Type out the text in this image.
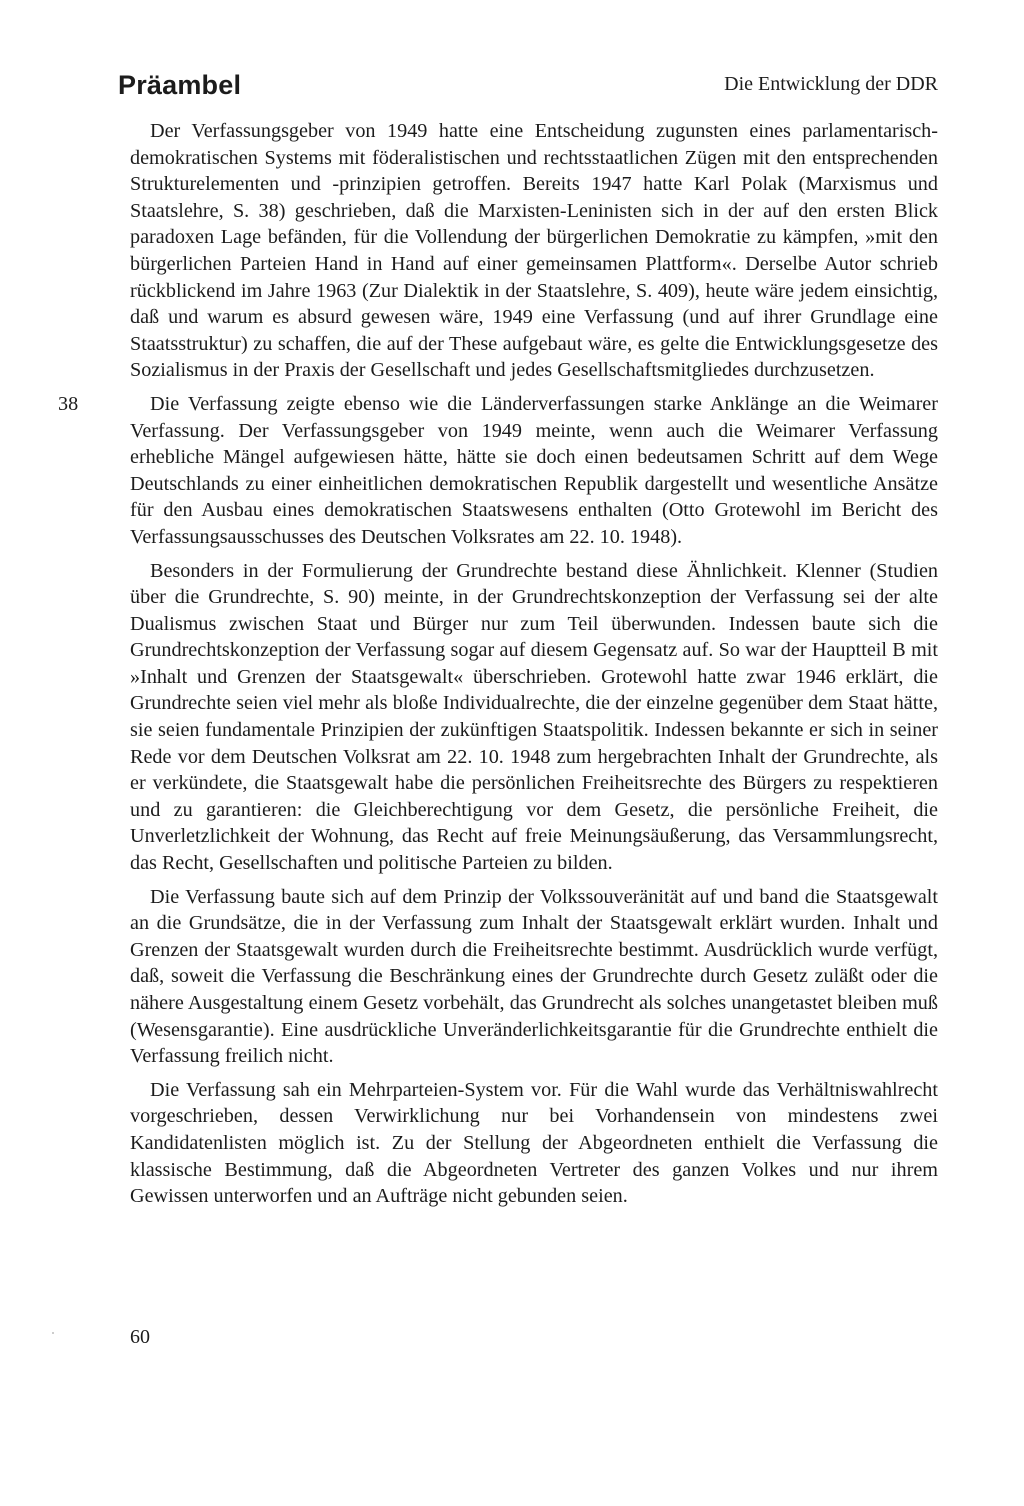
Präambel	Die Entwicklung der DDR

Der Verfassungsgeber von 1949 hatte eine Entscheidung zugunsten eines parlamentarisch-demokratischen Systems mit föderalistischen und rechtsstaatlichen Zügen mit den entsprechenden Strukturelementen und -prinzipien getroffen. Bereits 1947 hatte Karl Polak (Marxismus und Staatslehre, S. 38) geschrieben, daß die Marxisten-Leninisten sich in der auf den ersten Blick paradoxen Lage befänden, für die Vollendung der bürgerlichen Demokratie zu kämpfen, »mit den bürgerlichen Parteien Hand in Hand auf einer gemeinsamen Plattform«. Derselbe Autor schrieb rückblickend im Jahre 1963 (Zur Dialektik in der Staatslehre, S. 409), heute wäre jedem einsichtig, daß und warum es absurd gewesen wäre, 1949 eine Verfassung (und auf ihrer Grundlage eine Staatsstruktur) zu schaffen, die auf der These aufgebaut wäre, es gelte die Entwicklungsgesetze des Sozialismus in der Praxis der Gesellschaft und jedes Gesellschaftsmitgliedes durchzusetzen.

38	Die Verfassung zeigte ebenso wie die Länderverfassungen starke Anklänge an die Weimarer Verfassung. Der Verfassungsgeber von 1949 meinte, wenn auch die Weimarer Verfassung erhebliche Mängel aufgewiesen hätte, hätte sie doch einen bedeutsamen Schritt auf dem Wege Deutschlands zu einer einheitlichen demokratischen Republik dargestellt und wesentliche Ansätze für den Ausbau eines demokratischen Staatswesens enthalten (Otto Grotewohl im Bericht des Verfassungsausschusses des Deutschen Volksrates am 22. 10. 1948).

Besonders in der Formulierung der Grundrechte bestand diese Ähnlichkeit. Klenner (Studien über die Grundrechte, S. 90) meinte, in der Grundrechtskonzeption der Verfassung sei der alte Dualismus zwischen Staat und Bürger nur zum Teil überwunden. Indessen baute sich die Grundrechtskonzeption der Verfassung sogar auf diesem Gegensatz auf. So war der Hauptteil B mit »Inhalt und Grenzen der Staatsgewalt« überschrieben. Grotewohl hatte zwar 1946 erklärt, die Grundrechte seien viel mehr als bloße Individualrechte, die der einzelne gegenüber dem Staat hätte, sie seien fundamentale Prinzipien der zukünftigen Staatspolitik. Indessen bekannte er sich in seiner Rede vor dem Deutschen Volksrat am 22. 10. 1948 zum hergebrachten Inhalt der Grundrechte, als er verkündete, die Staatsgewalt habe die persönlichen Freiheitsrechte des Bürgers zu respektieren und zu garantieren: die Gleichberechtigung vor dem Gesetz, die persönliche Freiheit, die Unverletzlichkeit der Wohnung, das Recht auf freie Meinungsäußerung, das Versammlungsrecht, das Recht, Gesellschaften und politische Parteien zu bilden.

Die Verfassung baute sich auf dem Prinzip der Volkssouveränität auf und band die Staatsgewalt an die Grundsätze, die in der Verfassung zum Inhalt der Staatsgewalt erklärt wurden. Inhalt und Grenzen der Staatsgewalt wurden durch die Freiheitsrechte bestimmt. Ausdrücklich wurde verfügt, daß, soweit die Verfassung die Beschränkung eines der Grundrechte durch Gesetz zuläßt oder die nähere Ausgestaltung einem Gesetz vorbehält, das Grundrecht als solches unangetastet bleiben muß (Wesensgarantie). Eine ausdrückliche Unveränderlichkeitsgarantie für die Grundrechte enthielt die Verfassung freilich nicht.

Die Verfassung sah ein Mehrparteien-System vor. Für die Wahl wurde das Verhältniswahlrecht vorgeschrieben, dessen Verwirklichung nur bei Vorhandensein von mindestens zwei Kandidatenlisten möglich ist. Zu der Stellung der Abgeordneten enthielt die Verfassung die klassische Bestimmung, daß die Abgeordneten Vertreter des ganzen Volkes und nur ihrem Gewissen unterworfen und an Aufträge nicht gebunden seien.

60
